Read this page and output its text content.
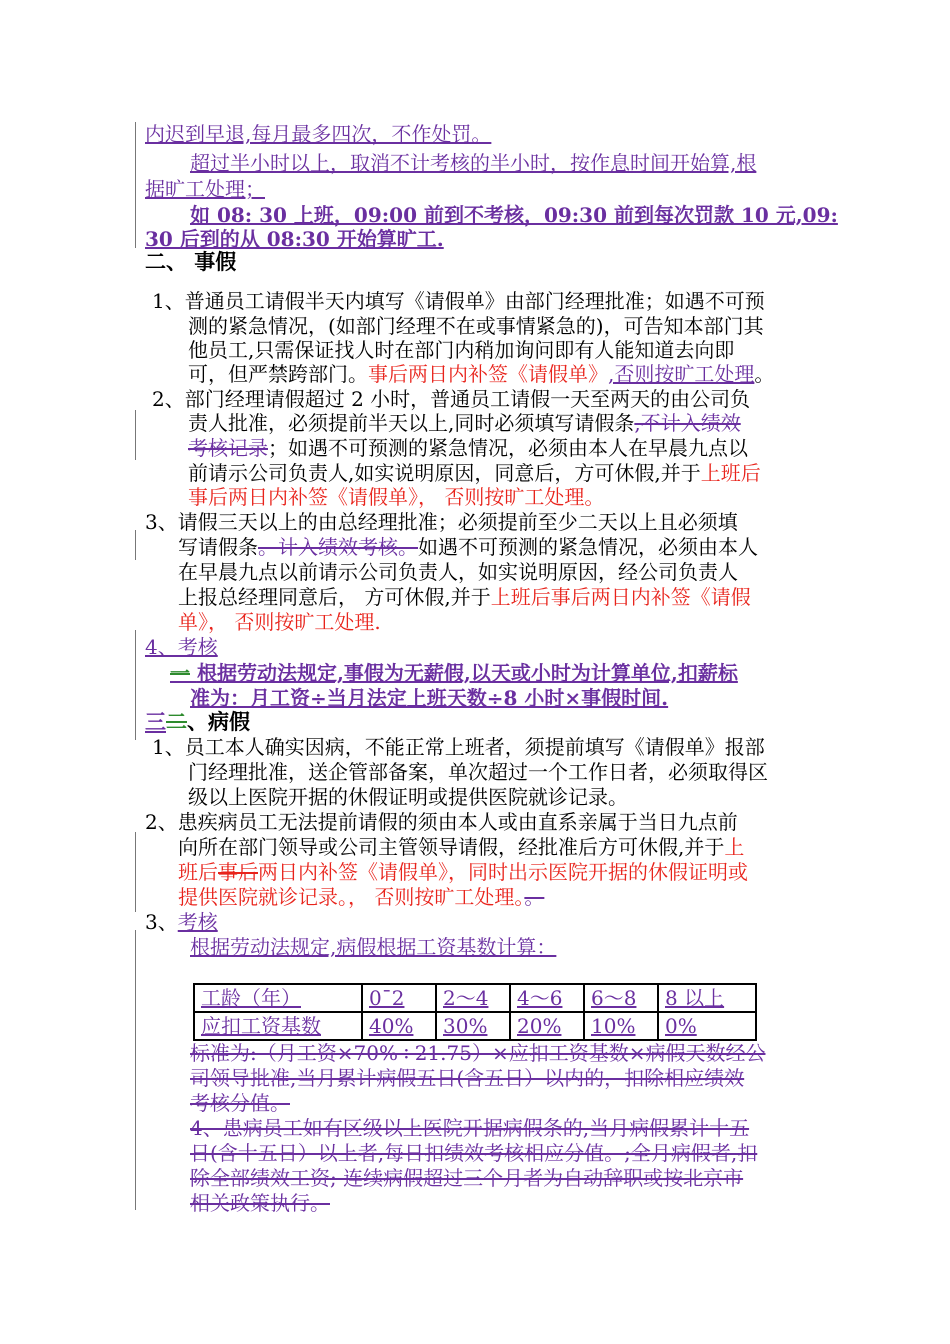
内迟到早退,每月最多四次，不作处罚。
超过半小时以上，取消不计考核的半小时，按作息时间开始算,根
据旷工处理；
如 08: 30 上班，09:00 前到不考核，09:30 前到每次罚款 10 元,09:
30 后到的从 08:30 开始算旷工.
二、 事假
1、普通员工请假半天内填写《请假单》由部门经理批准；如遇不可预
测的紧急情况，(如部门经理不在或事情紧急的)，可告知本部门其
他员工,只需保证找人时在部门内稍加询问即有人能知道去向即
可，但严禁跨部门。事后两日内补签《请假单》,否则按旷工处理。
2、部门经理请假超过 2 小时，普通员工请假一天至两天的由公司负
责人批准，必须提前半天以上,同时必须填写请假条,不计入绩效
考核记录；如遇不可预测的紧急情况，必须由本人在早晨九点以
前请示公司负责人,如实说明原因，同意后，方可休假,并于上班后
事后两日内补签《请假单》， 否则按旷工处理。
3、请假三天以上的由总经理批准；必须提前至少二天以上且必须填
写请假条。计入绩效考核。如遇不可预测的紧急情况，必须由本人
在早晨九点以前请示公司负责人，如实说明原因，经公司负责人
上报总经理同意后， 方可休假,并于上班后事后两日内补签《请假
单》， 否则按旷工处理.
4、考核
一 根据劳动法规定,事假为无薪假,以天或小时为计算单位,扣薪标
准为：月工资÷当月法定上班天数÷8 小时×事假时间.
三二、病假
1、员工本人确实因病，不能正常上班者，须提前填写《请假单》报部
门经理批准，送企管部备案，单次超过一个工作日者，必须取得区
级以上医院开据的休假证明或提供医院就诊记录。
2、患疾病员工无法提前请假的须由本人或由直系亲属于当日九点前
向所在部门领导或公司主管领导请假，经批准后方可休假,并于上
班后事后两日内补签《请假单》，同时出示医院开据的休假证明或
提供医院就诊记录。， 否则按旷工处理。。
3、考核
根据劳动法规定,病假根据工资基数计算：
工龄（年）	0ˉ2	2～4	4～6	6～8	8 以上
应扣工资基数	40%	30%	20%	10%	0%
标准为:（月工资×70%÷21.75）×应扣工资基数×病假天数经公
司领导批准,当月累计病假五日(含五日）以内的，扣除相应绩效
考核分值。
4、患病员工如有区级以上医院开据病假条的,当月病假累计十五
日(含十五日）以上者,每日扣绩效考核相应分值。;全月病假者,扣
除全部绩效工资; 连续病假超过三个月者为自动辞职或按北京市
相关政策执行。
